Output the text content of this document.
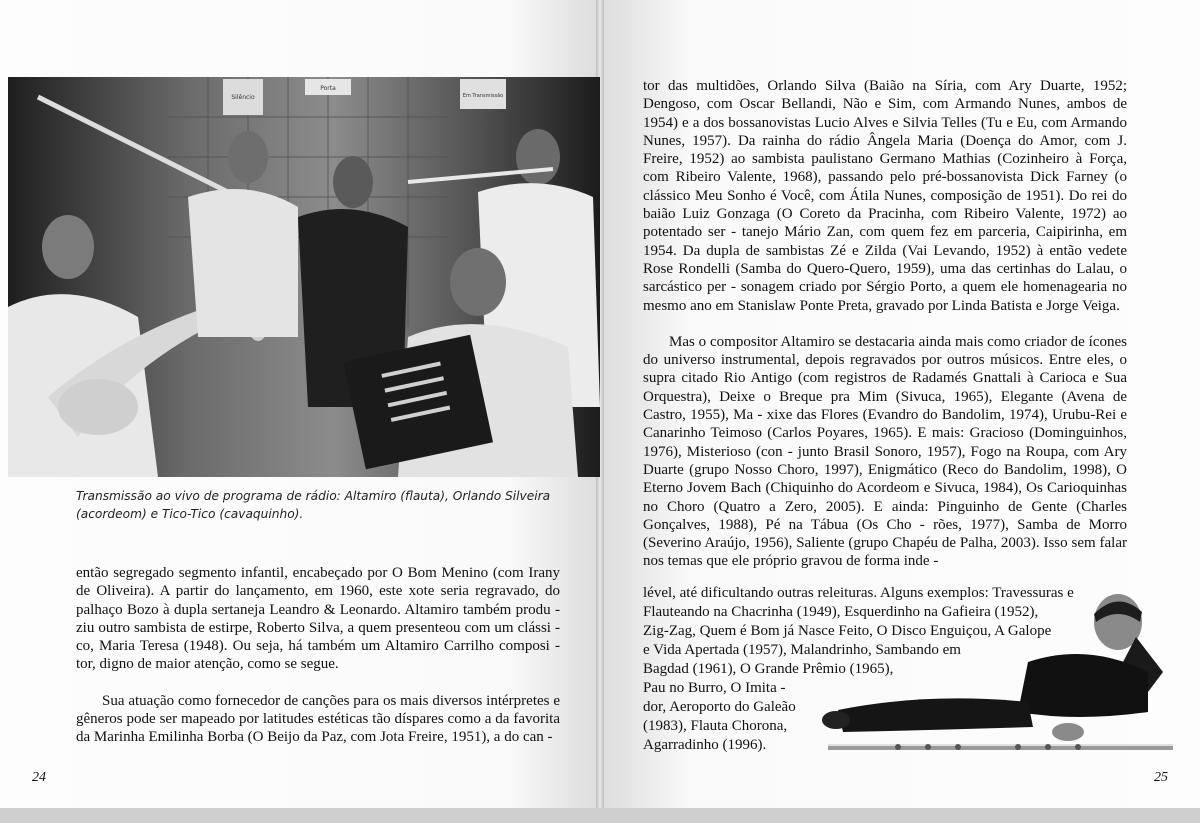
Silêncio
Porta
Em Transmissão
Transmissão ao vivo de programa de rádio: Altamiro (flauta), Orlando Silveira (acordeom) e Tico-Tico (cavaquinho).

então segregado segmento infantil, encabeçado por O Bom Menino (com Irany de Oliveira). A partir do lançamento, em 1960, este xote seria regravado, do palhaço Bozo à dupla sertaneja Leandro & Leonardo. Altamiro também produ - ziu outro sambista de estirpe, Roberto Silva, a quem presenteou com um clássi - co, Maria Teresa (1948). Ou seja, há também um Altamiro Carrilho composi - tor, digno de maior atenção, como se segue.

Sua atuação como fornecedor de canções para os mais diversos intérpretes e gêneros pode ser mapeado por latitudes estéticas tão díspares como a da favorita da Marinha Emilinha Borba (O Beijo da Paz, com Jota Freire, 1951), a do can -

24

tor das multidões, Orlando Silva (Baião na Síria, com Ary Duarte, 1952; Dengoso, com Oscar Bellandi, Não e Sim, com Armando Nunes, ambos de 1954) e a dos bossanovistas Lucio Alves e Silvia Telles (Tu e Eu, com Armando Nunes, 1957). Da rainha do rádio Ângela Maria (Doença do Amor, com J. Freire, 1952) ao sambista paulistano Germano Mathias (Cozinheiro à Força, com Ribeiro Valente, 1968), passando pelo pré-bossanovista Dick Farney (o clássico Meu Sonho é Você, com Átila Nunes, composição de 1951). Do rei do baião Luiz Gonzaga (O Coreto da Pracinha, com Ribeiro Valente, 1972) ao potentado ser - tanejo Mário Zan, com quem fez em parceria, Caipirinha, em 1954. Da dupla de sambistas Zé e Zilda (Vai Levando, 1952) à então vedete Rose Rondelli (Samba do Quero-Quero, 1959), uma das certinhas do Lalau, o sarcástico per - sonagem criado por Sérgio Porto, a quem ele homenagearia no mesmo ano em Stanislaw Ponte Preta, gravado por Linda Batista e Jorge Veiga.

Mas o compositor Altamiro se destacaria ainda mais como criador de ícones do universo instrumental, depois regravados por outros músicos. Entre eles, o supra citado Rio Antigo (com registros de Radamés Gnattali à Carioca e Sua Orquestra), Deixe o Breque pra Mim (Sivuca, 1965), Elegante (Avena de Castro, 1955), Ma - xixe das Flores (Evandro do Bandolim, 1974), Urubu-Rei e Canarinho Teimoso (Carlos Poyares, 1965). E mais: Gracioso (Dominguinhos, 1976), Misterioso (con - junto Brasil Sonoro, 1957), Fogo na Roupa, com Ary Duarte (grupo Nosso Choro, 1997), Enigmático (Reco do Bandolim, 1998), O Eterno Jovem Bach (Chiquinho do Acordeom e Sivuca, 1984), Os Carioquinhas no Choro (Quatro a Zero, 2005). E ainda: Pinguinho de Gente (Charles Gonçalves, 1988), Pé na Tábua (Os Cho - rões, 1977), Samba de Morro (Severino Araújo, 1956), Saliente (grupo Chapéu de Palha, 2003). Isso sem falar nos temas que ele próprio gravou de forma inde -

lével, até dificultando outras releituras. Alguns exemplos: Travessuras e
Flauteando na Chacrinha (1949), Esquerdinho na Gafieira (1952),
Zig-Zag, Quem é Bom já Nasce Feito, O Disco Enguiçou, A Galope
e Vida Apertada (1957), Malandrinho, Sambando em
Bagdad (1961), O Grande Prêmio (1965),
Pau no Burro, O Imita -
dor, Aeroporto do Galeão
(1983), Flauta Chorona,
Agarradinho (1996).
25
